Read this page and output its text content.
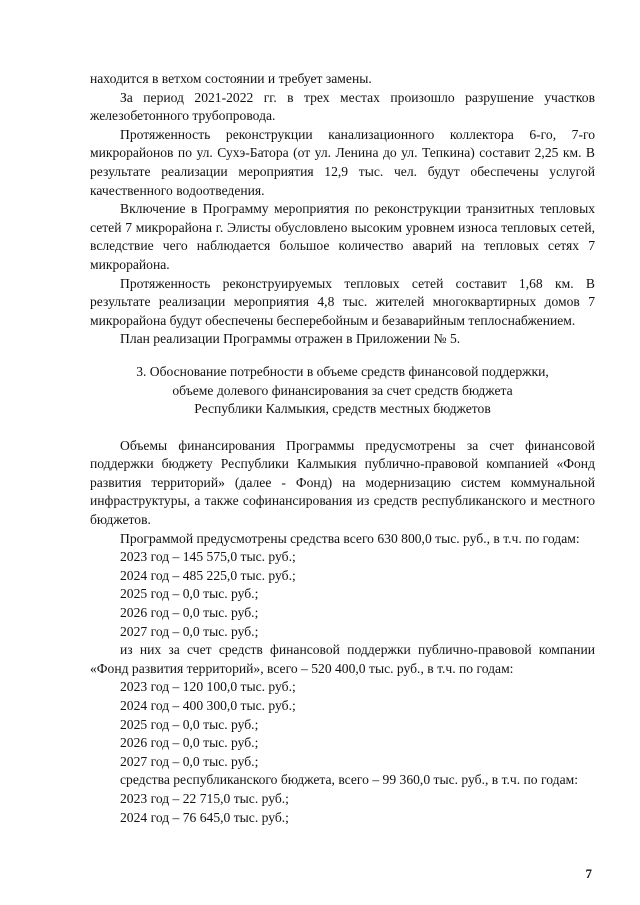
находится в ветхом состоянии и требует замены.

За период 2021-2022 гг. в трех местах произошло разрушение участков железобетонного трубопровода.

Протяженность реконструкции канализационного коллектора 6-го, 7-го микрорайонов по ул. Сухэ-Батора (от ул. Ленина до ул. Тепкина) составит 2,25 км. В результате реализации мероприятия 12,9 тыс. чел. будут обеспечены услугой качественного водоотведения.

Включение в Программу мероприятия по реконструкции транзитных тепловых сетей 7 микрорайона г. Элисты обусловлено высоким уровнем износа тепловых сетей, вследствие чего наблюдается большое количество аварий на тепловых сетях 7 микрорайона.

Протяженность реконструируемых тепловых сетей составит 1,68 км. В результате реализации мероприятия 4,8 тыс. жителей многоквартирных домов 7 микрорайона будут обеспечены бесперебойным и безаварийным теплоснабжением.

План реализации Программы отражен в Приложении № 5.

3. Обоснование потребности в объеме средств финансовой поддержки,
объеме долевого финансирования за счет средств бюджета
Республики Калмыкия, средств местных бюджетов

Объемы финансирования Программы предусмотрены за счет финансовой поддержки бюджету Республики Калмыкия публично-правовой компанией «Фонд развития территорий» (далее - Фонд) на модернизацию систем коммунальной инфраструктуры, а также софинансирования из средств республиканского и местного бюджетов.

Программой предусмотрены средства всего 630 800,0 тыс. руб., в т.ч. по годам:

2023 год – 145 575,0 тыс. руб.;

2024 год – 485 225,0 тыс. руб.;

2025 год – 0,0 тыс. руб.;

2026 год – 0,0 тыс. руб.;

2027 год – 0,0 тыс. руб.;

из них за счет средств финансовой поддержки публично-правовой компании «Фонд развития территорий», всего – 520 400,0 тыс. руб., в т.ч. по годам:

2023 год – 120 100,0 тыс. руб.;

2024 год – 400 300,0 тыс. руб.;

2025 год – 0,0 тыс. руб.;

2026 год – 0,0 тыс. руб.;

2027 год – 0,0 тыс. руб.;

средства республиканского бюджета, всего – 99 360,0 тыс. руб., в т.ч. по годам:

2023 год – 22 715,0 тыс. руб.;

2024 год – 76 645,0 тыс. руб.;

7
